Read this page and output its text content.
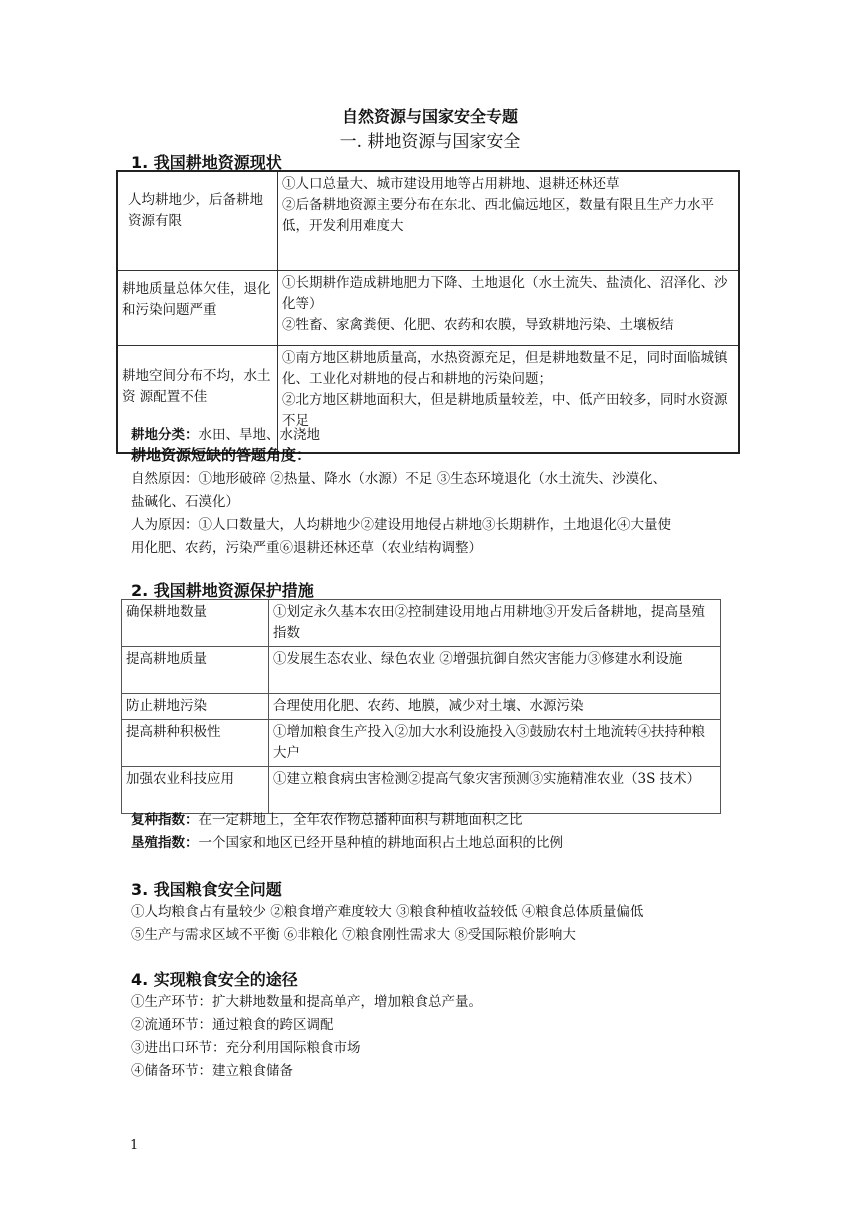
自然资源与国家安全专题
一. 耕地资源与国家安全
1. 我国耕地资源现状
人均耕地少，后备耕地资源有限	①人口总量大、城市建设用地等占用耕地、退耕还林还草
②后备耕地资源主要分布在东北、西北偏远地区，数量有限且生产力水平低，开发利用难度大

耕地质量总体欠佳，退化和污染问题严重	①长期耕作造成耕地肥力下降、土地退化（水土流失、盐渍化、沼泽化、沙化等）
②牲畜、家禽粪便、化肥、农药和农膜，导致耕地污染、土壤板结

耕地空间分布不均，水土资 源配置不佳	①南方地区耕地质量高，水热资源充足，但是耕地数量不足，同时面临城镇化、工业化对耕地的侵占和耕地的污染问题；
②北方地区耕地面积大，但是耕地质量较差，中、低产田较多，同时水资源不足
耕地分类：水田、旱地、水浇地
耕地资源短缺的答题角度：
自然原因：①地形破碎 ②热量、降水（水源）不足 ③生态环境退化（水土流失、沙漠化、
盐碱化、石漠化）
人为原因：①人口数量大，人均耕地少②建设用地侵占耕地③长期耕作，土地退化④大量使
用化肥、农药，污染严重⑥退耕还林还草（农业结构调整）
2. 我国耕地资源保护措施
确保耕地数量	①划定永久基本农田②控制建设用地占用耕地③开发后备耕地，提高垦殖指数
提高耕地质量	①发展生态农业、绿色农业 ②增强抗御自然灾害能力③修建水利设施
防止耕地污染	合理使用化肥、农药、地膜，减少对土壤、水源污染
提高耕种积极性	①增加粮食生产投入②加大水利设施投入③鼓励农村土地流转④扶持种粮大户
加强农业科技应用	①建立粮食病虫害检测②提高气象灾害预测③实施精准农业（3S 技术）
复种指数：在一定耕地上，全年农作物总播种面积与耕地面积之比
垦殖指数：一个国家和地区已经开垦种植的耕地面积占土地总面积的比例
3. 我国粮食安全问题
①人均粮食占有量较少 ②粮食增产难度较大 ③粮食种植收益较低 ④粮食总体质量偏低
⑤生产与需求区域不平衡 ⑥非粮化 ⑦粮食刚性需求大 ⑧受国际粮价影响大
4. 实现粮食安全的途径
①生产环节：扩大耕地数量和提高单产，增加粮食总产量。
②流通环节：通过粮食的跨区调配
③进出口环节：充分利用国际粮食市场
④储备环节：建立粮食储备
1
